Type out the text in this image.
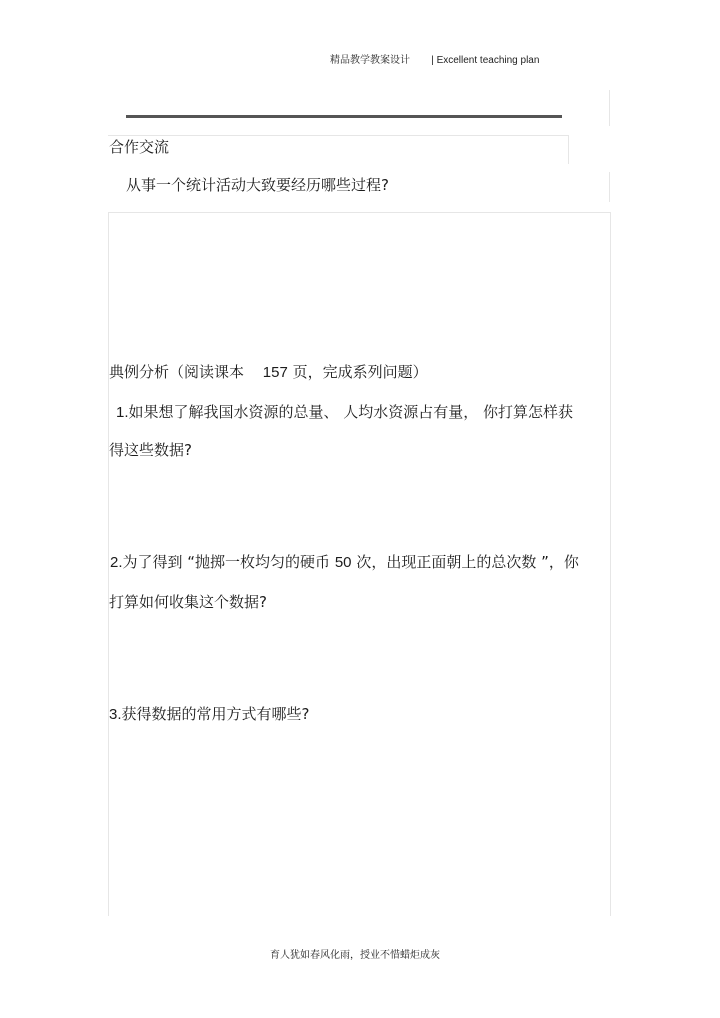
精品教学教案设计 | Excellent teaching plan
合作交流
从事一个统计活动大致要经历哪些过程?
典例分析（阅读课本 157 页，完成系列问题）
1.如果想了解我国水资源的总量、 人均水资源占有量， 你打算怎样获
得这些数据?
2.为了得到 “抛掷一枚均匀的硬币 50 次，出现正面朝上的总次数 ”，你
打算如何收集这个数据?
3.获得数据的常用方式有哪些?
育人犹如春风化雨，授业不惜蜡炬成灰
